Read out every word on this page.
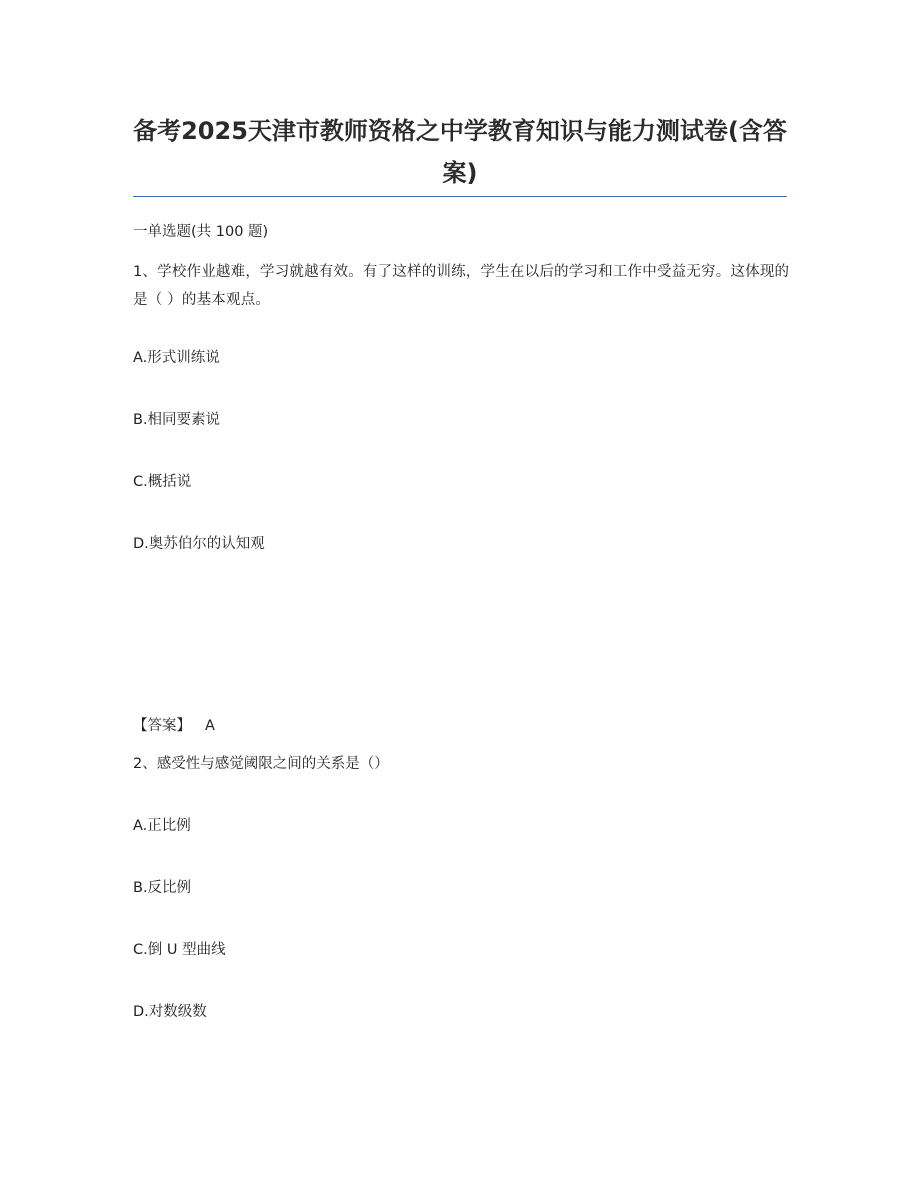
备考2025天津市教师资格之中学教育知识与能力测试卷(含答案)
一单选题(共 100 题)
1、学校作业越难，学习就越有效。有了这样的训练，学生在以后的学习和工作中受益无穷。这体现的是（ ）的基本观点。
A.形式训练说
B.相同要素说
C.概括说
D.奥苏伯尔的认知观
【答案】 A
2、感受性与感觉阈限之间的关系是（）
A.正比例
B.反比例
C.倒 U 型曲线
D.对数级数
